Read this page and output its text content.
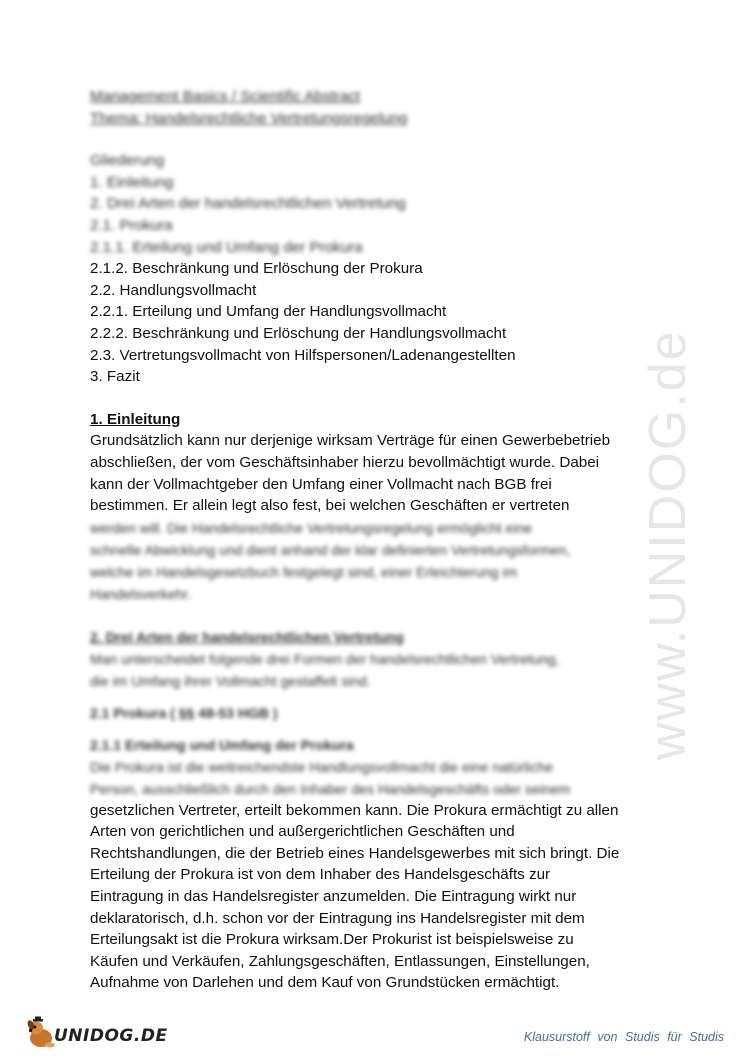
www.UNIDOG.de
Management Basics / Scientific Abstract
Thema: Handelsrechtliche Vertretungsregelung
Gliederung
1. Einleitung
2. Drei Arten der handelsrechtlichen Vertretung
2.1. Prokura
2.1.1. Erteilung und Umfang der Prokura
2.1.2. Beschränkung und Erlöschung der Prokura
2.2. Handlungsvollmacht
2.2.1. Erteilung und Umfang der Handlungsvollmacht
2.2.2. Beschränkung und Erlöschung der Handlungsvollmacht
2.3. Vertretungsvollmacht von Hilfspersonen/Ladenangestellten
3. Fazit
1. Einleitung
Grundsätzlich kann nur derjenige wirksam Verträge für einen Gewerbebetrieb
abschließen, der vom Geschäftsinhaber hierzu bevollmächtigt wurde. Dabei
kann der Vollmachtgeber den Umfang einer Vollmacht nach BGB frei
bestimmen. Er allein legt also fest, bei welchen Geschäften er vertreten
werden will. Die Handelsrechtliche Vertretungsregelung ermöglicht eine
schnelle Abwicklung und dient anhand der klar definierten Vertretungsformen,
welche im Handelsgesetzbuch festgelegt sind, einer Erleichterung im
Handelsverkehr.
2. Drei Arten der handelsrechtlichen Vertretung
Man unterscheidet folgende drei Formen der handelsrechtlichen Vertretung,
die im Umfang ihrer Vollmacht gestaffelt sind.
2.1 Prokura ( §§ 48-53 HGB )
2.1.1 Erteilung und Umfang der Prokura
Die Prokura ist die weitreichendste Handlungsvollmacht die eine natürliche
Person, ausschließlich durch den Inhaber des Handelsgeschäfts oder seinem
gesetzlichen Vertreter, erteilt bekommen kann. Die Prokura ermächtigt zu allen
Arten von gerichtlichen und außergerichtlichen Geschäften und
Rechtshandlungen, die der Betrieb eines Handelsgewerbes mit sich bringt. Die
Erteilung der Prokura ist von dem Inhaber des Handelsgeschäfts zur
Eintragung in das Handelsregister anzumelden. Die Eintragung wirkt nur
deklaratorisch, d.h. schon vor der Eintragung ins Handelsregister mit dem
Erteilungsakt ist die Prokura wirksam.Der Prokurist ist beispielsweise zu
Käufen und Verkäufen, Zahlungsgeschäften, Entlassungen, Einstellungen,
Aufnahme von Darlehen und dem Kauf von Grundstücken ermächtigt.
UNIDOG.DE	Klausurstoff von Studis für Studis
